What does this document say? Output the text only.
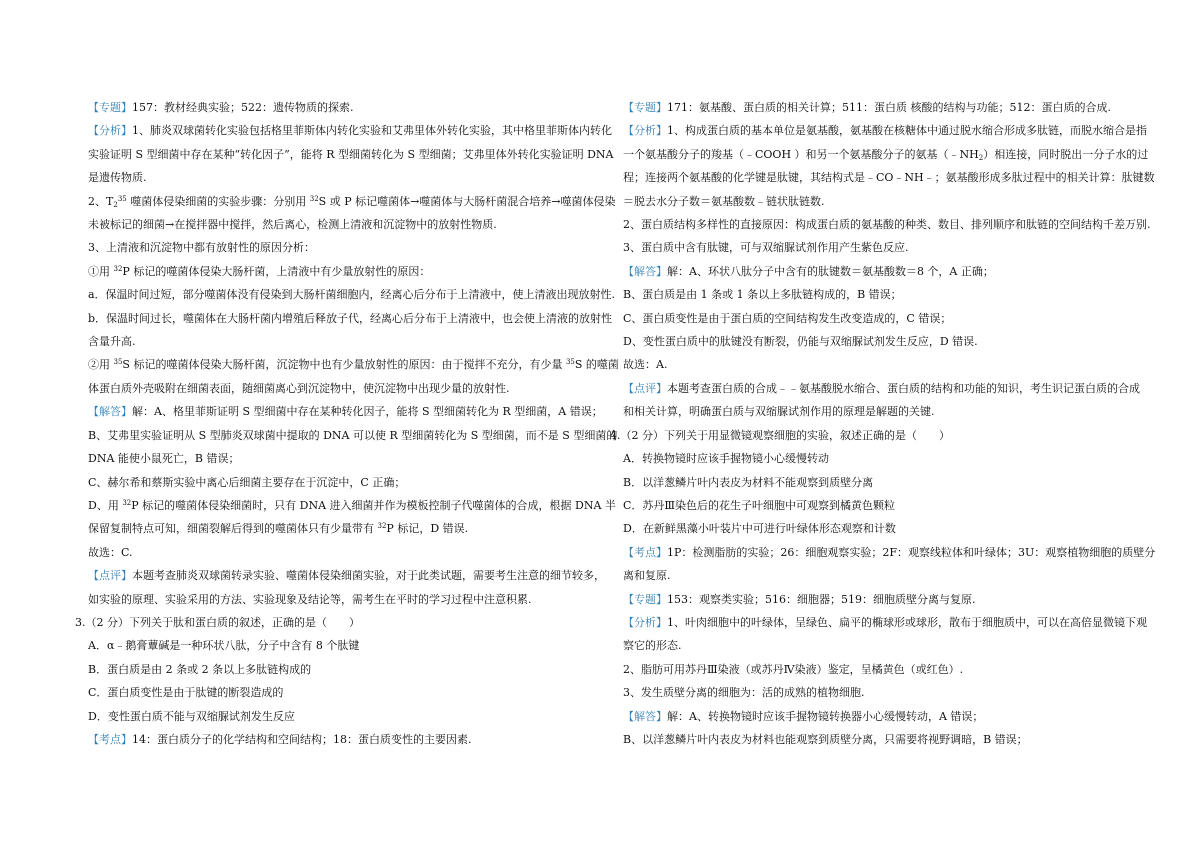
【专题】157：教材经典实验；522：遗传物质的探索.

【分析】1、肺炎双球菌转化实验包括格里菲斯体内转化实验和艾弗里体外转化实验，其中格里菲斯体内转化

实验证明 S 型细菌中存在某种“转化因子”，能将 R 型细菌转化为 S 型细菌；艾弗里体外转化实验证明 DNA

是遗传物质.

2、$T_2^{35}$ 噬菌体侵染细菌的实验步骤：分别用 $^{32}$S 或 P 标记噬菌体→噬菌体与大肠杆菌混合培养→噬菌体侵染

未被标记的细菌→在搅拌器中搅拌，然后离心，检测上清液和沉淀物中的放射性物质.

3、上清液和沉淀物中都有放射性的原因分析：

①用 $^{32}$P 标记的噬菌体侵染大肠杆菌，上清液中有少量放射性的原因：

a．保温时间过短，部分噬菌体没有侵染到大肠杆菌细胞内，经离心后分布于上清液中，使上清液出现放射性.

b．保温时间过长，噬菌体在大肠杆菌内增殖后释放子代，经离心后分布于上清液中，也会使上清液的放射性

含量升高.

②用 $^{35}$S 标记的噬菌体侵染大肠杆菌，沉淀物中也有少量放射性的原因：由于搅拌不充分，有少量 $^{35}$S 的噬菌

体蛋白质外壳吸附在细菌表面，随细菌离心到沉淀物中，使沉淀物中出现少量的放射性.

【解答】解：A、格里菲斯证明 S 型细菌中存在某种转化因子，能将 S 型细菌转化为 R 型细菌，A 错误；

B、艾弗里实验证明从 S 型肺炎双球菌中提取的 DNA 可以使 R 型细菌转化为 S 型细菌，而不是 S 型细菌的

DNA 能使小鼠死亡，B 错误；

C、赫尔希和蔡斯实验中离心后细菌主要存在于沉淀中，C 正确；

D、用 $^{32}$P 标记的噬菌体侵染细菌时，只有 DNA 进入细菌并作为模板控制子代噬菌体的合成，根据 DNA 半

保留复制特点可知，细菌裂解后得到的噬菌体只有少量带有 $^{32}$P 标记，D 错误.

故选：C.

【点评】本题考查肺炎双球菌转录实验、噬菌体侵染细菌实验，对于此类试题，需要考生注意的细节较多，

如实验的原理、实验采用的方法、实验现象及结论等，需考生在平时的学习过程中注意积累.

3.（2 分）下列关于肽和蛋白质的叙述，正确的是（　　）

A．α﹣鹅膏蕈碱是一种环状八肽，分子中含有 8 个肽键

B．蛋白质是由 2 条或 2 条以上多肽链构成的

C．蛋白质变性是由于肽键的断裂造成的

D．变性蛋白质不能与双缩脲试剂发生反应

【考点】14：蛋白质分子的化学结构和空间结构；18：蛋白质变性的主要因素.

【专题】171：氨基酸、蛋白质的相关计算；511：蛋白质 核酸的结构与功能；512：蛋白质的合成.

【分析】1、构成蛋白质的基本单位是氨基酸，氨基酸在核糖体中通过脱水缩合形成多肽链，而脱水缩合是指

一个氨基酸分子的羧基（﹣COOH ）和另一个氨基酸分子的氨基$(﹣NH_2)$相连接，同时脱出一分子水的过

程；连接两个氨基酸的化学键是肽键，其结构式是﹣CO﹣NH﹣；氨基酸形成多肽过程中的相关计算：肽键数

＝脱去水分子数＝氨基酸数﹣链状肽链数.

2、蛋白质结构多样性的直接原因：构成蛋白质的氨基酸的种类、数目、排列顺序和肽链的空间结构千差万别.

3、蛋白质中含有肽键，可与双缩脲试剂作用产生紫色反应.

【解答】解：A、环状八肽分子中含有的肽键数＝氨基酸数＝8 个，A 正确；

B、蛋白质是由 1 条或 1 条以上多肽链构成的，B 错误；

C、蛋白质变性是由于蛋白质的空间结构发生改变造成的，C 错误；

D、变性蛋白质中的肽键没有断裂，仍能与双缩脲试剂发生反应，D 错误.

故选：A.

【点评】本题考查蛋白质的合成﹣﹣氨基酸脱水缩合、蛋白质的结构和功能的知识，考生识记蛋白质的合成

和相关计算，明确蛋白质与双缩脲试剂作用的原理是解题的关键.

4.（2 分）下列关于用显微镜观察细胞的实验，叙述正确的是（　　）

A．转换物镜时应该手握物镜小心缓慢转动

B．以洋葱鳞片叶内表皮为材料不能观察到质壁分离

C．苏丹Ⅲ染色后的花生子叶细胞中可观察到橘黄色颗粒

D．在新鲜黑藻小叶装片中可进行叶绿体形态观察和计数

【考点】1P：检测脂肪的实验；26：细胞观察实验；2F：观察线粒体和叶绿体；3U：观察植物细胞的质壁分

离和复原.

【专题】153：观察类实验；516：细胞器；519：细胞质壁分离与复原.

【分析】1、叶肉细胞中的叶绿体，呈绿色、扁平的椭球形或球形，散布于细胞质中，可以在高倍显微镜下观

察它的形态.

2、脂肪可用苏丹Ⅲ染液（或苏丹Ⅳ染液）鉴定，呈橘黄色（或红色）.

3、发生质壁分离的细胞为：活的成熟的植物细胞.

【解答】解：A、转换物镜时应该手握物镜转换器小心缓慢转动，A 错误；

B、以洋葱鳞片叶内表皮为材料也能观察到质壁分离，只需要将视野调暗，B 错误；
